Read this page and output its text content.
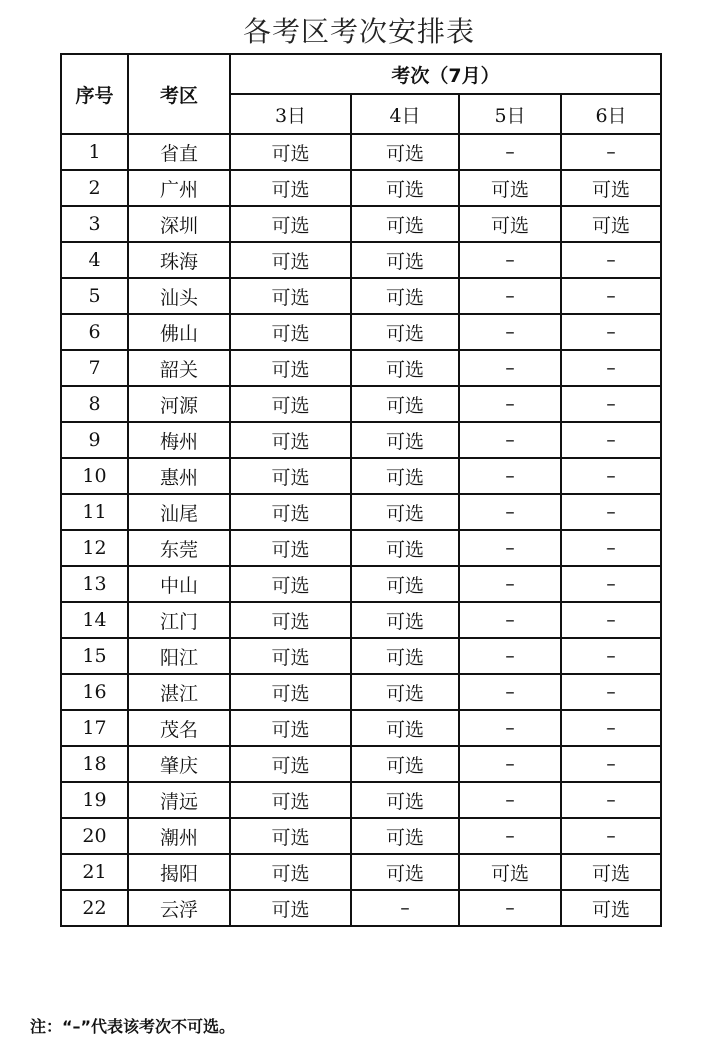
各考区考次安排表
序号	考区	考次（7月）			
		3日	4日	5日	6日
1	省直	可选	可选	–	–
2	广州	可选	可选	可选	可选
3	深圳	可选	可选	可选	可选
4	珠海	可选	可选	–	–
5	汕头	可选	可选	–	–
6	佛山	可选	可选	–	–
7	韶关	可选	可选	–	–
8	河源	可选	可选	–	–
9	梅州	可选	可选	–	–
10	惠州	可选	可选	–	–
11	汕尾	可选	可选	–	–
12	东莞	可选	可选	–	–
13	中山	可选	可选	–	–
14	江门	可选	可选	–	–
15	阳江	可选	可选	–	–
16	湛江	可选	可选	–	–
17	茂名	可选	可选	–	–
18	肇庆	可选	可选	–	–
19	清远	可选	可选	–	–
20	潮州	可选	可选	–	–
21	揭阳	可选	可选	可选	可选
22	云浮	可选	–	–	可选
注：“–”代表该考次不可选。
